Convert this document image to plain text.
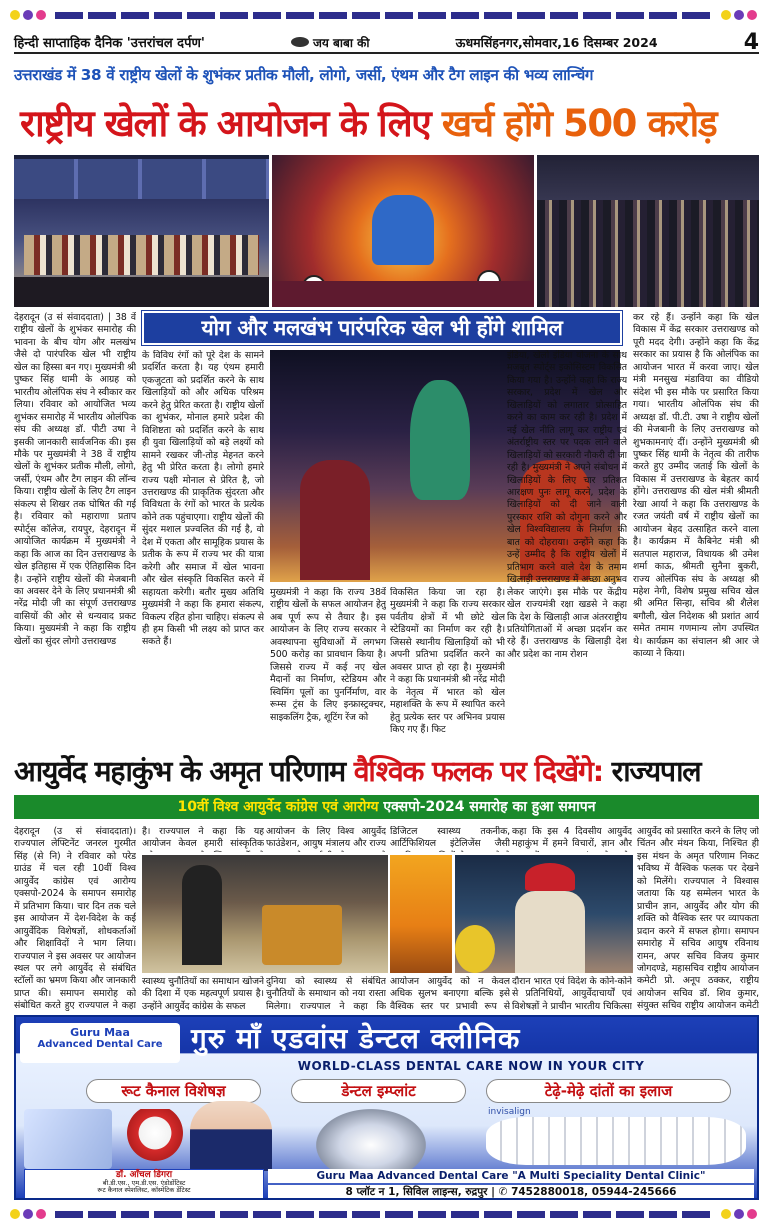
हिन्दी साप्ताहिक दैनिक 'उत्तरांचल दर्पण'	जय बाबा की	ऊधमसिंहनगर,सोमवार,16 दिसम्बर 2024	4
उत्तराखंड में 38 वें राष्ट्रीय खेलों के शुभंकर प्रतीक मौली, लोगो, जर्सी, एंथम और टैग लाइन की भव्य लान्चिंग
राष्ट्रीय खेलों के आयोजन के लिए खर्च होंगे 500 करोड़
योग और मलखंभ पारंपरिक खेल भी होंगे शामिल
देहरादून (उ सं संवाददाता) | 38 वें राष्ट्रीय खेलों के शुभंकर समारोह की भावना के बीच योग और मलखंभ जैसे दो पारंपरिक खेल भी राष्ट्रीय खेल का हिस्सा बन गए। मुख्यमंत्री श्री पुष्कर सिंह धामी के आग्रह को भारतीय ओलंपिक संघ ने स्वीकार कर लिया। रविवार को आयोजित भव्य शुभंकर समारोह में भारतीय ओलंपिक संघ की अध्यक्ष डॉ. पीटी उषा ने इसकी जानकारी सार्वजनिक की। इस मौके पर मुख्यमंत्री ने 38 वें राष्ट्रीय खेलों के शुभंकर प्रतीक मौली, लोगो, जर्सी, एंथम और टैग लाइन की लॉन्च किया। राष्ट्रीय खेलों के लिए टैग लाइन संकल्प से शिखर तक घोषित की गई है। रविवार को महाराणा प्रताप स्पोर्ट्स कॉलेज, रायपुर, देहरादून में आयोजित कार्यक्रम में मुख्यमंत्री ने कहा कि आज का दिन उत्तराखण्ड के खेल इतिहास में एक ऐतिहासिक दिन है। उन्होंने राष्ट्रीय खेलों की मेजबानी का अवसर देने के लिए प्रधानमंत्री श्री नरेंद्र मोदी जी का संपूर्ण उत्तराखण्ड वासियों की ओर से धन्यवाद प्रकट किया। मुख्यमंत्री ने कहा कि राष्ट्रीय खेलों का सुंदर लोगो उत्तराखण्ड
के विविध रंगों को पूरे देश के सामने प्रदर्शित करता है। यह एंथम हमारी एकजुटता को प्रदर्शित करने के साथ खिलाड़ियों को और अधिक परिश्रम करने हेतु प्रेरित करता है। राष्ट्रीय खेलों का शुभंकर, मोनाल हमारे प्रदेश की विशिष्टता को प्रदर्शित करने के साथ ही युवा खिलाड़ियों को बड़े लक्ष्यों को सामने रखकर जी-तोड़ मेहनत करने हेतु भी प्रेरित करता है। लोगो हमारे राज्य पक्षी मोनाल से प्रेरित है, जो उत्तराखण्ड की प्राकृतिक सुंदरता और विविधता के रंगों को भारत के प्रत्येक कोने तक पहुंचाएगा। राष्ट्रीय खेलों की सुंदर मशाल प्रज्वलित की गई है, वो देश में एकता और सामूहिक प्रयास के प्रतीक के रूप में राज्य भर की यात्रा करेगी और समाज में खेल भावना और खेल संस्कृति विकसित करने में सहायता करेगी। बतौर मुख्य अतिथि मुख्यमंत्री ने कहा कि हमारा संकल्प, विकल्प रहित होना चाहिए। संकल्प से ही हम किसी भी लक्ष्य को प्राप्त कर सकते हैं।
मुख्यमंत्री ने कहा कि राज्य 38वें राष्ट्रीय खेलों के सफल आयोजन हेतु अब पूर्ण रूप से तैयार है। इस आयोजन के लिए राज्य सरकार ने अवस्थापना सुविधाओं में लगभग 500 करोड़ का प्रावधान किया है। जिससे राज्य में कई नए खेल मैदानों का निर्माण, स्टेडियम और स्विमिंग पूलों का पुनर्निर्माण, वार रूम्स ट्रंस के लिए इन्फ्रास्ट्रक्चर, साइकलिंग ट्रैक, शूटिंग रेंज को
विकसित किया जा रहा है। मुख्यमंत्री ने कहा कि राज्य सरकार पर्वतीय क्षेत्रों में भी छोटे खेल स्टेडियमों का निर्माण कर रही है। जिससे स्थानीय खिलाड़ियों को भी अपनी प्रतिभा प्रदर्शित करने का अवसर प्राप्त हो रहा है। मुख्यमंत्री ने कहा कि प्रधानमंत्री श्री नरेंद्र मोदी के नेतृत्व में भारत को खेल महाशक्ति के रूप में स्थापित करने हेतु प्रत्येक स्तर पर अभिनव प्रयास किए गए हैं। फिट
इंडिया, खेलो इंडिया योजना के साथ मजबूत स्पोर्ट्स इकोसिस्टम विकसित किया गया है। उन्होंने कहा कि राज्य सरकार, प्रदेश में खेल और खिलाड़ियों को लगातार प्रोत्साहित करने का काम कर रही है। प्रदेश में नई खेल नीति लागू कर राष्ट्रीय एवं अंतर्राष्ट्रीय स्तर पर पदक लाने वाले खिलाड़ियों को सरकारी नौकरी दी जा रही है। मुख्यमंत्री ने अपने संबोधन में खिलाड़ियों के लिए चार प्रतिशत आरक्षण पुनः लागू करने, प्रदेश के खिलाड़ियों को दी जाने वाली पुरस्कार राशि को दोगुना करने और खेल विश्वविद्यालय के निर्माण की बात को दोहराया। उन्होंने कहा कि उन्हें उम्मीद है कि राष्ट्रीय खेलों में प्रतिभाग करने वाले देश के तमाम खिलाड़ी उत्तराखण्ड में अच्छा अनुभव लेकर जाएंगे। इस मौके पर केंद्रीय खेल राज्यमंत्री रक्षा खडसे ने कहा कि देश के खिलाड़ी आज अंतरराष्ट्रीय प्रतियोगिताओं में अच्छा प्रदर्शन कर रहे हैं। उत्तराखण्ड के खिलाड़ी देश और प्रदेश का नाम रोशन
कर रहे हैं। उन्होंने कहा कि खेल विकास में केंद्र सरकार उत्तराखण्ड को पूरी मदद देगी। उन्होंने कहा कि केंद्र सरकार का प्रयास है कि ओलंपिक का आयोजन भारत में करवा जाए। खेल मंत्री मनसुख मंडाविया का वीडियो संदेश भी इस मौके पर प्रसारित किया गया। भारतीय ओलंपिक संघ की अध्यक्ष डॉ. पी.टी. उषा ने राष्ट्रीय खेलों की मेजबानी के लिए उत्तराखण्ड को शुभकामनाएं दीं। उन्होंने मुख्यमंत्री श्री पुष्कर सिंह धामी के नेतृत्व की तारीफ करते हुए उम्मीद जताई कि खेलों के विकास में उत्तराखण्ड के बेहतर कार्य होंगे। उत्तराखण्ड की खेल मंत्री श्रीमती रेखा आर्या ने कहा कि उत्तराखण्ड के रजत जयंती वर्ष में राष्ट्रीय खेलों का आयोजन बेहद उत्साहित करने वाला है। कार्यक्रम में कैबिनेट मंत्री श्री सतपाल महाराज, विधायक श्री उमेश शर्मा काऊ, श्रीमती सुनैना बुकरी, राज्य ओलंपिक संघ के अध्यक्ष श्री महेश नेगी, विशेष प्रमुख सचिव खेल श्री अमित सिन्हा, सचिव श्री शैलेश बगौली, खेल निदेशक श्री प्रशांत आर्य समेत तमाम गणमान्य लोग उपस्थित थे। कार्यक्रम का संचालन श्री आर जे काव्या ने किया।
आयुर्वेद महाकुंभ के अमृत परिणाम वैश्विक फलक पर दिखेंगे: राज्यपाल
10वीं विश्व आयुर्वेद कांग्रेस एवं आरोग्य एक्सपो-2024 समारोह का हुआ समापन
देहरादून (उ सं संवाददाता)। राज्यपाल लेफ्टिनेंट जनरल गुरमीत सिंह (से नि) ने रविवार को परेड ग्राउंड में चल रही 10वीं विश्व आयुर्वेद कांग्रेस एवं आरोग्य एक्सपो-2024 के समापन समारोह में प्रतिभाग किया। चार दिन तक चले इस आयोजन में देश-विदेश के कई आयुर्वेदिक विशेषज्ञों, शोधकर्ताओं और शिक्षाविदों ने भाग लिया। राज्यपाल ने इस अवसर पर आयोजन स्थल पर लगे आयुर्वेद से संबंधित स्टॉलों का भ्रमण किया और जानकारी प्राप्त की। समापन समारोह को संबोधित करते हुए राज्यपाल ने कहा
है। राज्यपाल ने कहा कि यह आयोजन केवल हमारी सांस्कृतिक
आयोजन के लिए विश्व आयुर्वेद फाउंडेशन, आयुष मंत्रालय और राज्य
डिजिटल स्वास्थ्य तकनीक, आर्टिफिशियल इंटेलिजेंस जैसी
कहा कि इस 4 दिवसीय आयुर्वेद महाकुंभ में हमने विचारों, ज्ञान और
आयुर्वेद को प्रसारित करने के लिए जो चिंतन और मंथन किया, निश्चित ही इस मंथन के अमृत परिणाम निकट भविष्य में वैश्विक फलक पर देखने को मिलेंगे। राज्यपाल ने विश्वास जताया कि यह सम्मेलन भारत के प्राचीन ज्ञान, आयुर्वेद और योग की शक्ति को वैश्विक स्तर पर व्यापकता प्रदान करने में सफल होगा। समापन समारोह में सचिव आयुष रविनाथ रामन, अपर सचिव विजय कुमार जोगदण्डे, महासचिव राष्ट्रीय आयोजन कमेटी प्रो. अनूप ठक्कर, राष्ट्रीय आयोजन सचिव डॉ. शिव कुमार, संयुक्त सचिव राष्ट्रीय आयोजन कमेटी
स्वास्थ्य चुनौतियों का समाधान खोजने की दिशा में एक महत्वपूर्ण प्रयास है। उन्होंने आयुर्वेद कांग्रेस के सफल
दुनिया को स्वास्थ्य से संबंधित चुनौतियों के समाधान को नया रास्ता मिलेगा। राज्यपाल ने कहा कि
आयोजन आयुर्वेद को न केवल अधिक सुलभ बनाएगा बल्कि इसे वैश्विक स्तर पर प्रभावी रूप से
दौरान भारत एवं विदेश के कोने-कोने से प्रतिनिधियों, आयुर्वेदाचार्यों एवं विशेषज्ञों ने प्राचीन भारतीय चिकित्सा
Guru Maa
Advanced Dental Care	गुरु माँ एडवांस डेन्टल क्लीनिक
WORLD-CLASS DENTAL CARE NOW IN YOUR CITY
रूट कैनाल विशेषज्ञ	डेन्टल इम्प्लांट	टेढ़े-मेढ़े दांतों का इलाज
invisalign
डॉ. ऑंचल डिंगरा
बी.डी.एस., एम.डी.एस. एंडोडोंटिस्ट
रूट कैनाल स्पेशलिस्ट, कॉस्मेटिक डेंटिस्ट
Guru Maa Advanced Dental Care "A Multi Speciality Dental Clinic"
8 प्लॉट न 1, सिविल लाइन्स, रुद्रपुर | ✆ 7452880018, 05944-245666
